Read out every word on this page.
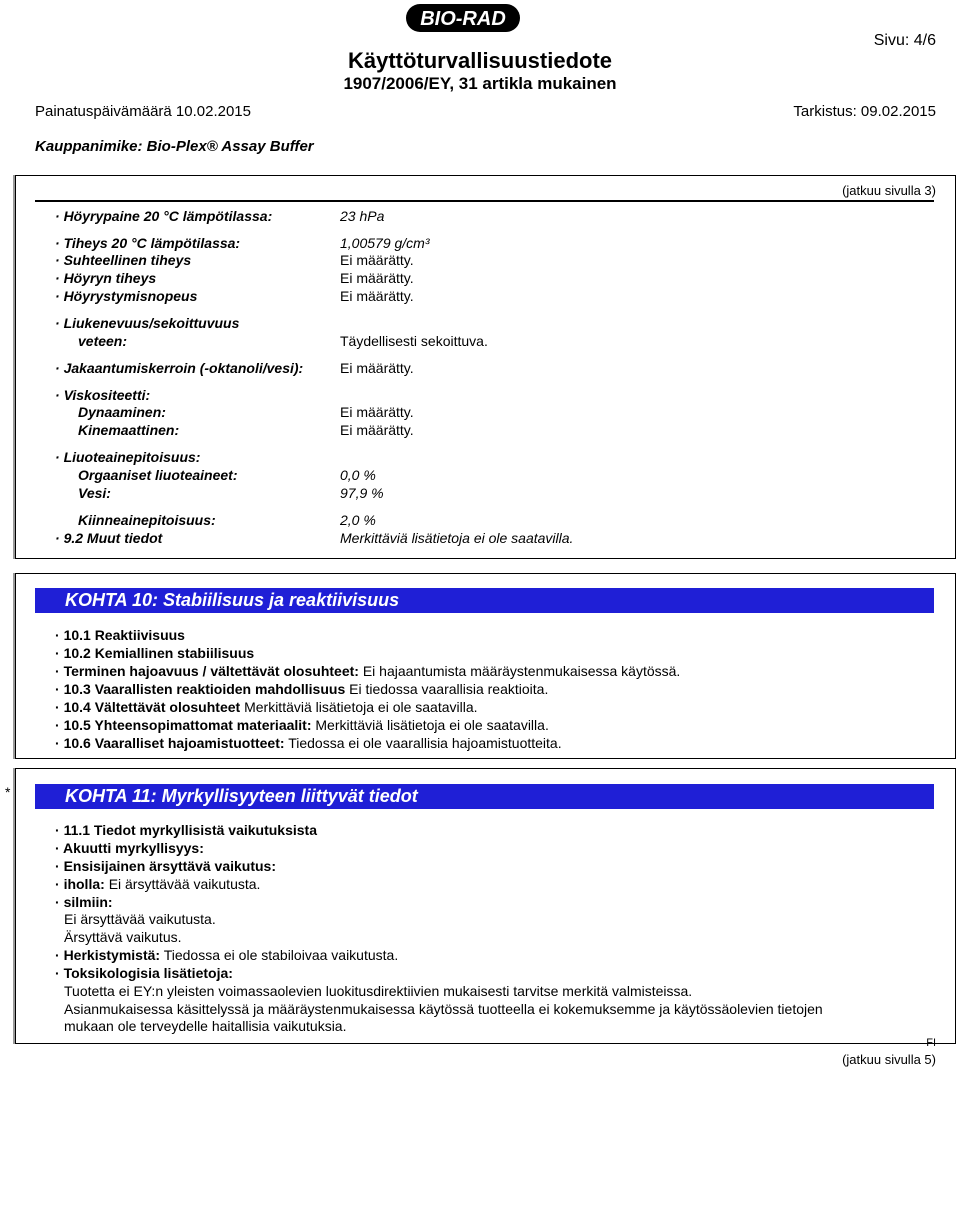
BIO-RAD
Sivu: 4/6
Käyttöturvallisuustiedote
1907/2006/EY, 31 artikla mukainen
Painatuspäivämäärä 10.02.2015	Tarkistus: 09.02.2015
Kauppanimike: Bio-Plex® Assay Buffer
(jatkuu sivulla 3)
· Höyrypaine 20 °C lämpötilassa:	23 hPa
· Tiheys 20 °C lämpötilassa:	1,00579 g/cm³
· Suhteellinen tiheys	Ei määrätty.
· Höyryn tiheys	Ei määrätty.
· Höyrystymisnopeus	Ei määrätty.
· Liukenevuus/sekoittuvuus
veteen:	Täydellisesti sekoittuva.
· Jakaantumiskerroin (-oktanoli/vesi):	Ei määrätty.
· Viskositeetti:
Dynaaminen:	Ei määrätty.
Kinemaattinen:	Ei määrätty.
· Liuoteainepitoisuus:
Orgaaniset liuoteaineet:	0,0 %
Vesi:	97,9 %
Kiinneainepitoisuus:	2,0 %
· 9.2 Muut tiedot	Merkittäviä lisätietoja ei ole saatavilla.
KOHTA 10: Stabiilisuus ja reaktiivisuus
· 10.1 Reaktiivisuus
· 10.2 Kemiallinen stabiilisuus
· Terminen hajoavuus / vältettävät olosuhteet: Ei hajaantumista määräystenmukaisessa käytössä.
· 10.3 Vaarallisten reaktioiden mahdollisuus Ei tiedossa vaarallisia reaktioita.
· 10.4 Vältettävät olosuhteet Merkittäviä lisätietoja ei ole saatavilla.
· 10.5 Yhteensopimattomat materiaalit: Merkittäviä lisätietoja ei ole saatavilla.
· 10.6 Vaaralliset hajoamistuotteet: Tiedossa ei ole vaarallisia hajoamistuotteita.
*	KOHTA 11: Myrkyllisyyteen liittyvät tiedot
· 11.1 Tiedot myrkyllisistä vaikutuksista
· Akuutti myrkyllisyys:
· Ensisijainen ärsyttävä vaikutus:
· iholla: Ei ärsyttävää vaikutusta.
· silmiin:
Ei ärsyttävää vaikutusta.
Ärsyttävä vaikutus.
· Herkistymistä: Tiedossa ei ole stabiloivaa vaikutusta.
· Toksikologisia lisätietoja:
Tuotetta ei EY:n yleisten voimassaolevien luokitusdirektiivien mukaisesti tarvitse merkitä valmisteissa.
Asianmukaisessa käsittelyssä ja määräystenmukaisessa käytössä tuotteella ei kokemuksemme ja käytössäolevien tietojen
mukaan ole terveydelle haitallisia vaikutuksia.
FI
(jatkuu sivulla 5)
